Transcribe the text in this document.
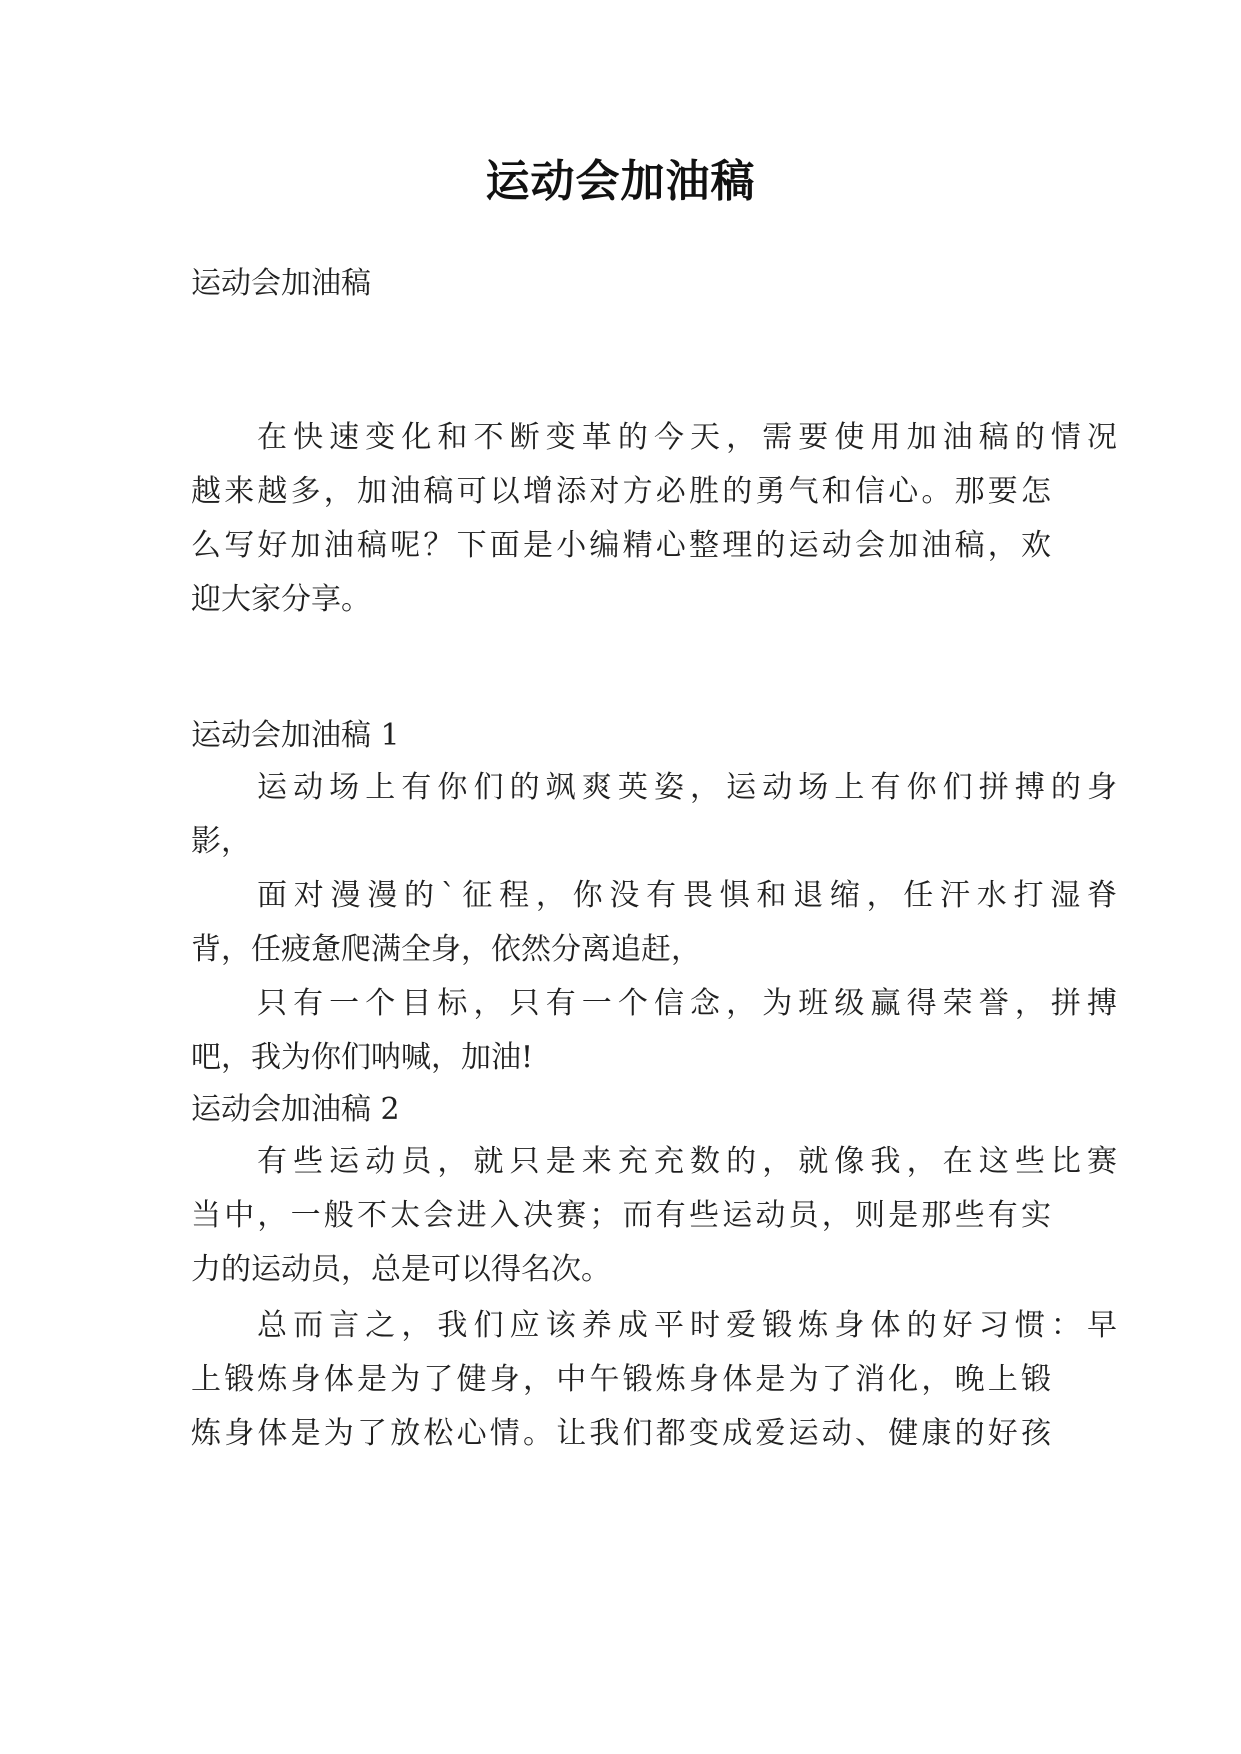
运动会加油稿
运动会加油稿
在快速变化和不断变革的今天，需要使用加油稿的情况
越来越多，加油稿可以增添对方必胜的勇气和信心。那要怎
么写好加油稿呢？下面是小编精心整理的运动会加油稿，欢
迎大家分享。
运动会加油稿 1
运动场上有你们的飒爽英姿，运动场上有你们拼搏的身
影，
面对漫漫的`征程，你没有畏惧和退缩，任汗水打湿脊
背，任疲惫爬满全身，依然分离追赶，
只有一个目标，只有一个信念，为班级赢得荣誉，拼搏
吧，我为你们呐喊，加油!
运动会加油稿 2
有些运动员，就只是来充充数的，就像我，在这些比赛
当中，一般不太会进入决赛；而有些运动员，则是那些有实
力的运动员，总是可以得名次。
总而言之，我们应该养成平时爱锻炼身体的好习惯：早
上锻炼身体是为了健身，中午锻炼身体是为了消化，晚上锻
炼身体是为了放松心情。让我们都变成爱运动、健康的好孩
